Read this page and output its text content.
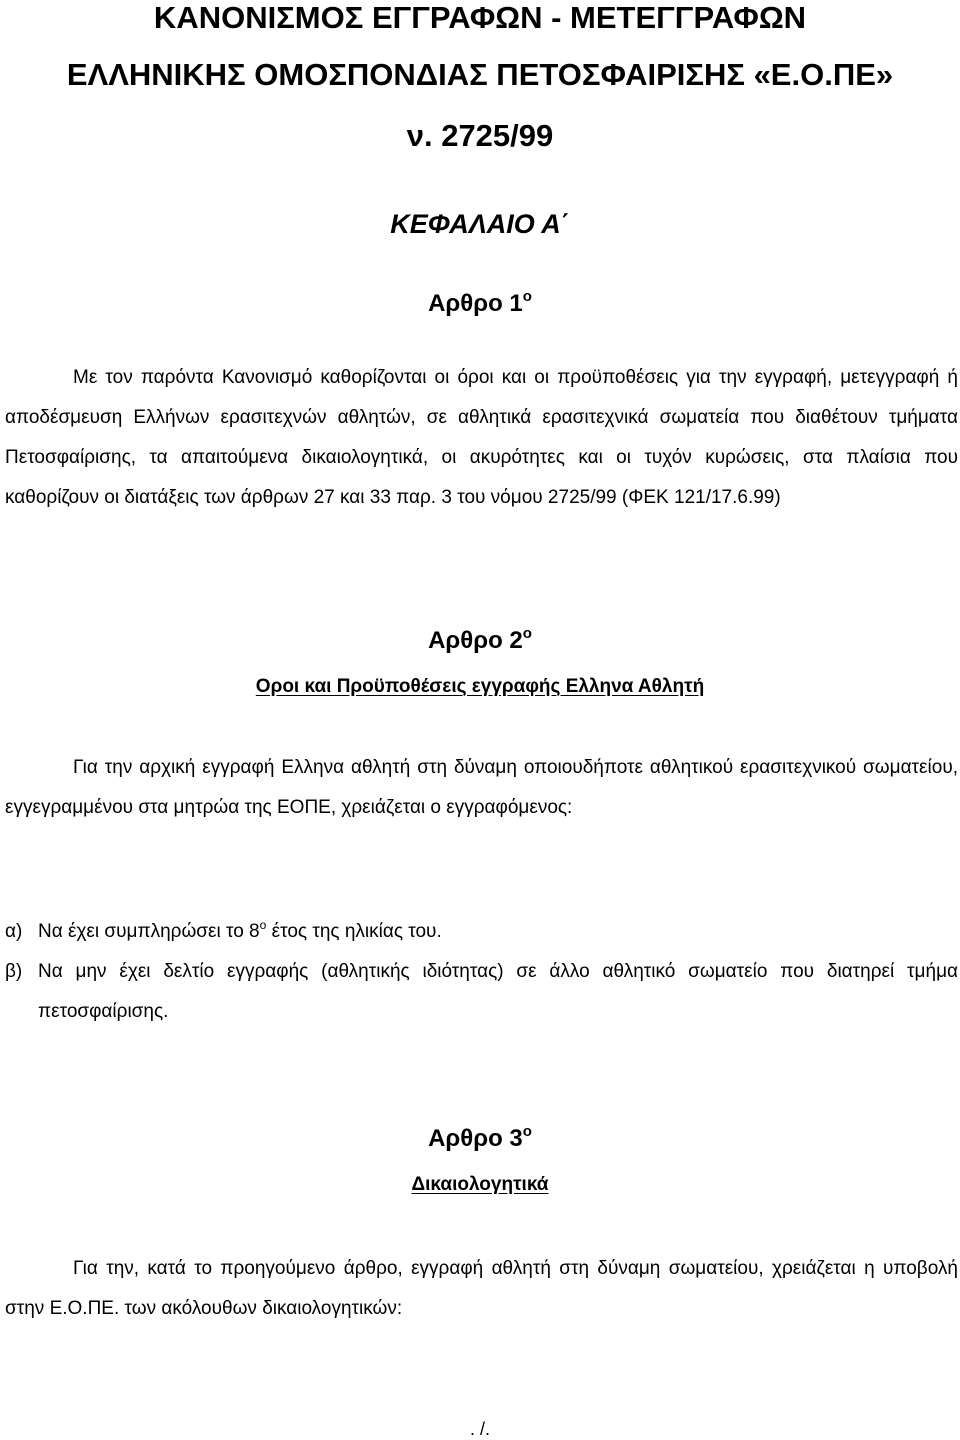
ΚΑΝΟΝΙΣΜΟΣ ΕΓΓΡΑΦΩΝ - ΜΕΤΕΓΓΡΑΦΩΝ
ΕΛΛΗΝΙΚΗΣ ΟΜΟΣΠΟΝΔΙΑΣ ΠΕΤΟΣΦΑΙΡΙΣΗΣ «Ε.Ο.ΠΕ»
ν. 2725/99
ΚΕΦΑΛΑΙΟ Α΄
Αρθρο $1^o$

Με τον παρόντα Κανονισμό καθορίζονται οι όροι και οι προϋποθέσεις για την εγγραφή, μετεγγραφή ή αποδέσμευση Ελλήνων ερασιτεχνών αθλητών, σε αθλητικά ερασιτεχνικά σωματεία που διαθέτουν τμήματα Πετοσφαίρισης, τα απαιτούμενα δικαιολογητικά, οι ακυρότητες και οι τυχόν κυρώσεις, στα πλαίσια που καθορίζουν οι διατάξεις των άρθρων 27 και 33 παρ. 3 του νόμου 2725/99 (ΦΕΚ 121/17.6.99)

Αρθρο $2^o$
Οροι και Προϋποθέσεις εγγραφής Ελληνα Αθλητή

Για την αρχική εγγραφή Ελληνα αθλητή στη δύναμη οποιουδήποτε αθλητικού ερασιτεχνικού σωματείου, εγγεγραμμένου στα μητρώα της ΕΟΠΕ, χρειάζεται ο εγγραφόμενος:

α) Να έχει συμπληρώσει το $8^o$ έτος της ηλικίας του.
β) Να μην έχει δελτίο εγγραφής (αθλητικής ιδιότητας) σε άλλο αθλητικό σωματείο που διατηρεί τμήμα πετοσφαίρισης.
Αρθρο $3^o$
Δικαιολογητικά

Για την, κατά το προηγούμενο άρθρο, εγγραφή αθλητή στη δύναμη σωματείου, χρειάζεται η υποβολή στην Ε.Ο.ΠΕ. των ακόλουθων δικαιολογητικών:

. /.
